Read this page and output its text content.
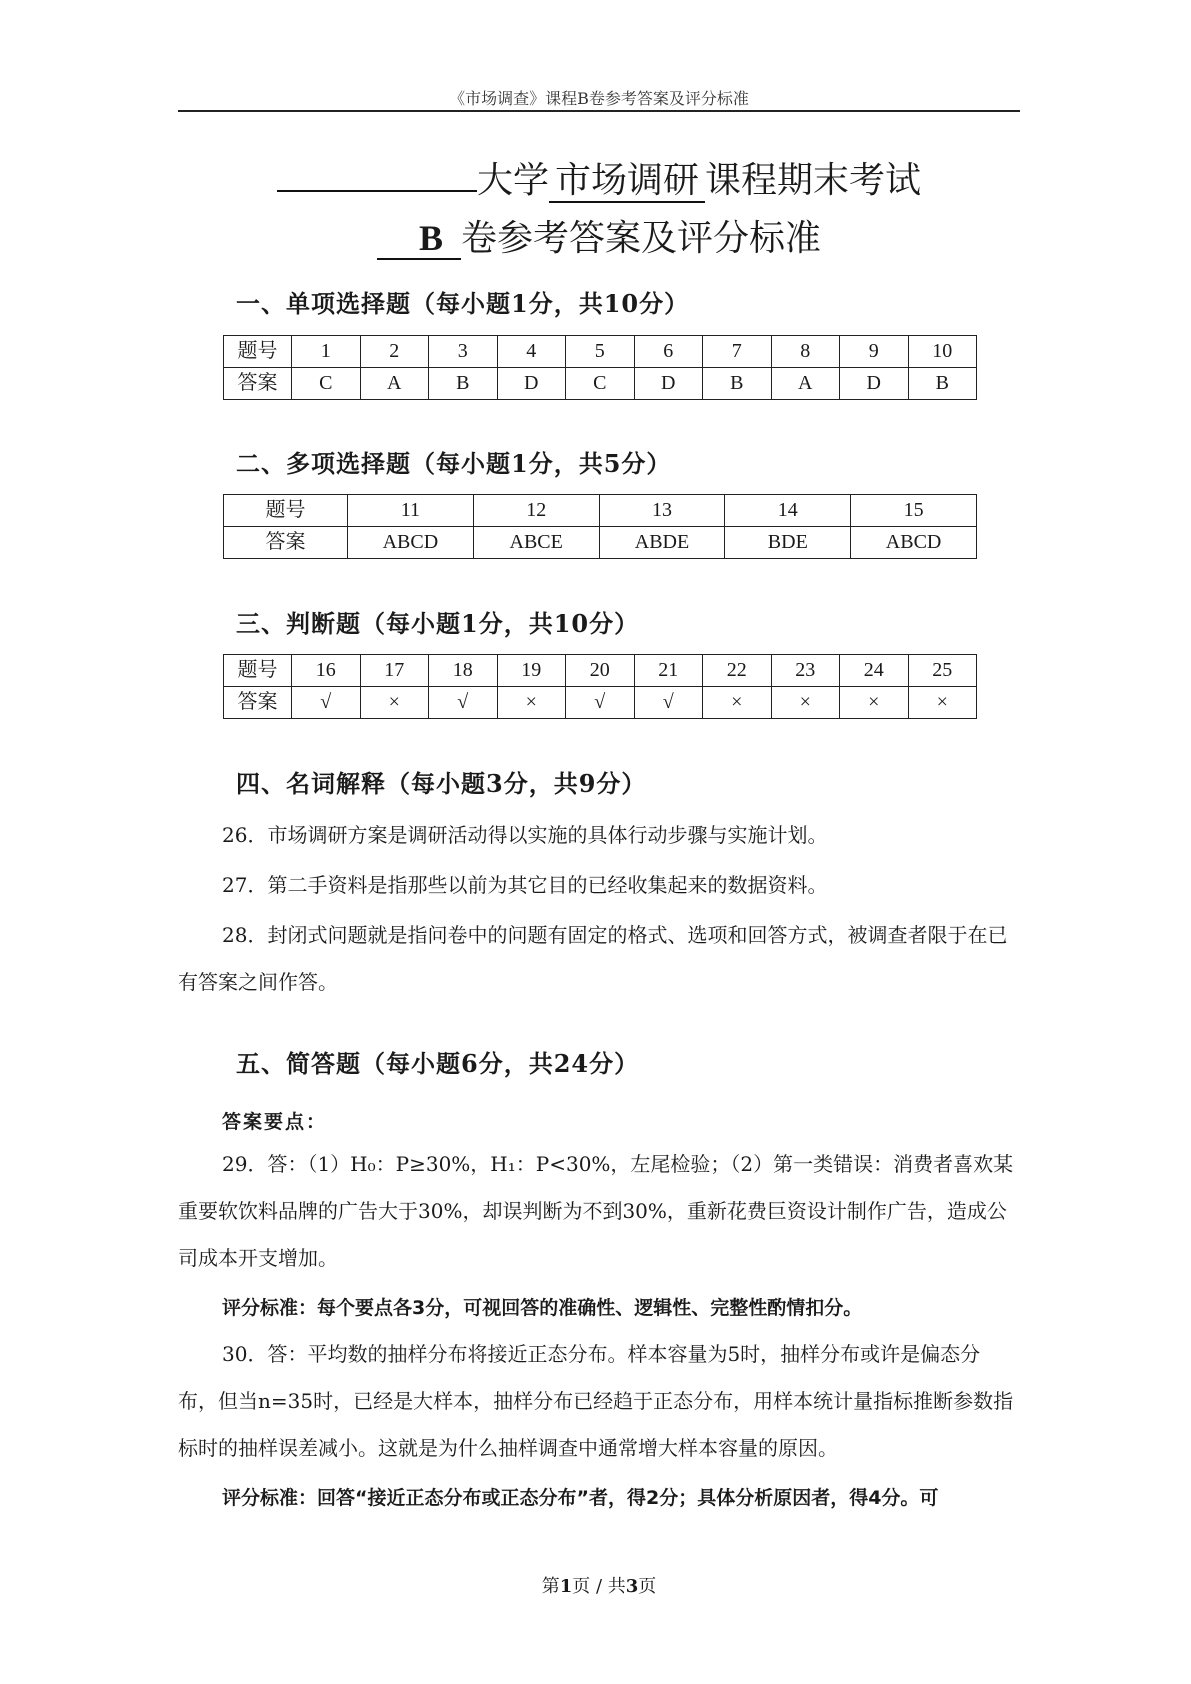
《市场调查》课程B卷参考答案及评分标准
大学 市场调研 课程期末考试
B 卷参考答案及评分标准
一、单项选择题（每小题1分，共10分）
题号	1	2	3	4	5	6	7	8	9	10
答案	C	A	B	D	C	D	B	A	D	B
二、多项选择题（每小题1分，共5分）
题号	11	12	13	14	15
答案	ABCD	ABCE	ABDE	BDE	ABCD
三、判断题（每小题1分，共10分）
题号	16	17	18	19	20	21	22	23	24	25
答案	√	×	√	×	√	√	×	×	×	×
四、名词解释（每小题3分，共9分）
26．市场调研方案是调研活动得以实施的具体行动步骤与实施计划。
27．第二手资料是指那些以前为其它目的已经收集起来的数据资料。
28．封闭式问题就是指问卷中的问题有固定的格式、选项和回答方式，被调查者限于在已有答案之间作答。
五、简答题（每小题6分，共24分）
答案要点：
29．答：（1）H₀：P≥30%，H₁：P<30%，左尾检验；（2）第一类错误：消费者喜欢某重要软饮料品牌的广告大于30%，却误判断为不到30%，重新花费巨资设计制作广告，造成公司成本开支增加。
评分标准：每个要点各3分，可视回答的准确性、逻辑性、完整性酌情扣分。
30．答：平均数的抽样分布将接近正态分布。样本容量为5时，抽样分布或许是偏态分布，但当n=35时，已经是大样本，抽样分布已经趋于正态分布，用样本统计量指标推断参数指标时的抽样误差减小。这就是为什么抽样调查中通常增大样本容量的原因。
评分标准：回答“接近正态分布或正态分布”者，得2分；具体分析原因者，得4分。可
第1页 / 共3页
